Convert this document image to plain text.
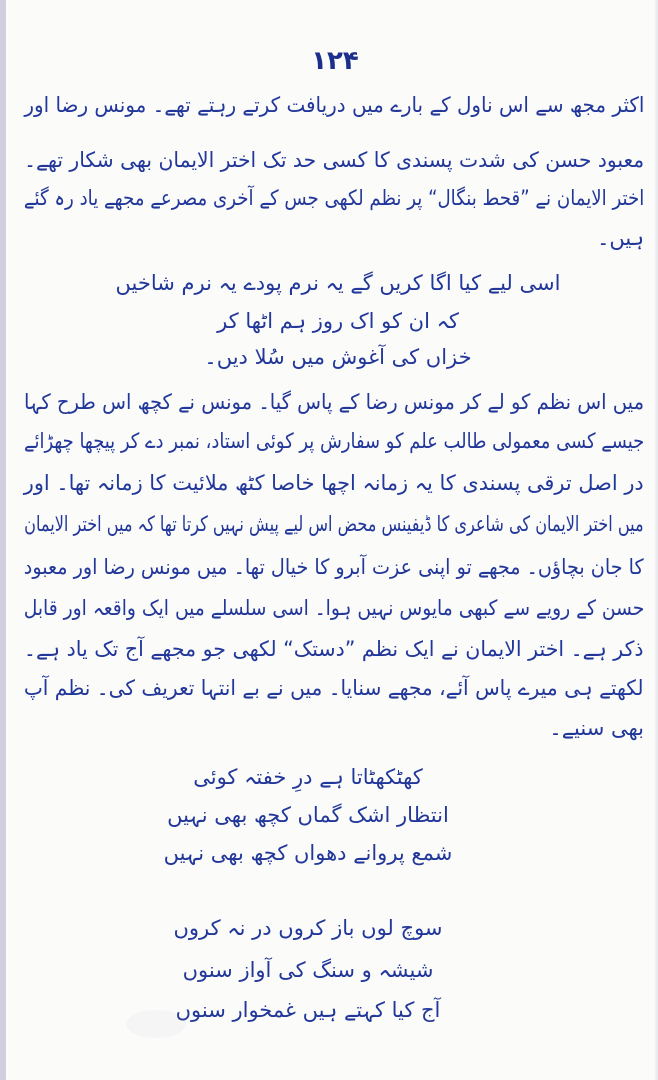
۱۲۴
اکثر مجھ سے اس ناول کے بارے میں دریافت کرتے رہتے تھے۔ مونس رضا اور
معبود حسن کی شدت پسندی کا کسی حد تک اختر الایمان بھی شکار تھے۔
اختر الایمان نے ”قحط بنگال“ پر نظم لکھی جس کے آخری مصرعے مجھے یاد رہ گئے
ہیں۔
اسی لیے کیا اگا کریں گے یہ نرم پودے یہ نرم شاخیں
کہ ان کو اک روز ہم اٹھا کر
خزاں کی آغوش میں سُلا دیں۔
میں اس نظم کو لے کر مونس رضا کے پاس گیا۔ مونس نے کچھ اس طرح کہا
جیسے کسی معمولی طالب علم کو سفارش پر کوئی استاد، نمبر دے کر پیچھا چھڑائے
در اصل ترقی پسندی کا یہ زمانہ اچھا خاصا کٹھ ملائیت کا زمانہ تھا۔ اور
میں اختر الایمان کی شاعری کا ڈیفینس محض اس لیے پیش نہیں کرتا تھا کہ میں اختر الایمان
کا جان بچاؤں۔ مجھے تو اپنی عزت آبرو کا خیال تھا۔ میں مونس رضا اور معبود
حسن کے رویے سے کبھی مایوس نہیں ہوا۔ اسی سلسلے میں ایک واقعہ اور قابل
ذکر ہے۔ اختر الایمان نے ایک نظم ”دستک“ لکھی جو مجھے آج تک یاد ہے۔
لکھتے ہی میرے پاس آئے، مجھے سنایا۔ میں نے بے انتہا تعریف کی۔ نظم آپ
بھی سنیے۔
کھٹکھٹاتا ہے درِ خفتہ کوئی
انتظار اشک گماں کچھ بھی نہیں
شمع پروانے دھواں کچھ بھی نہیں
سوچ لوں باز کروں در نہ کروں
شیشہ و سنگ کی آواز سنوں
آج کیا کہتے ہیں غمخوار سنوں
